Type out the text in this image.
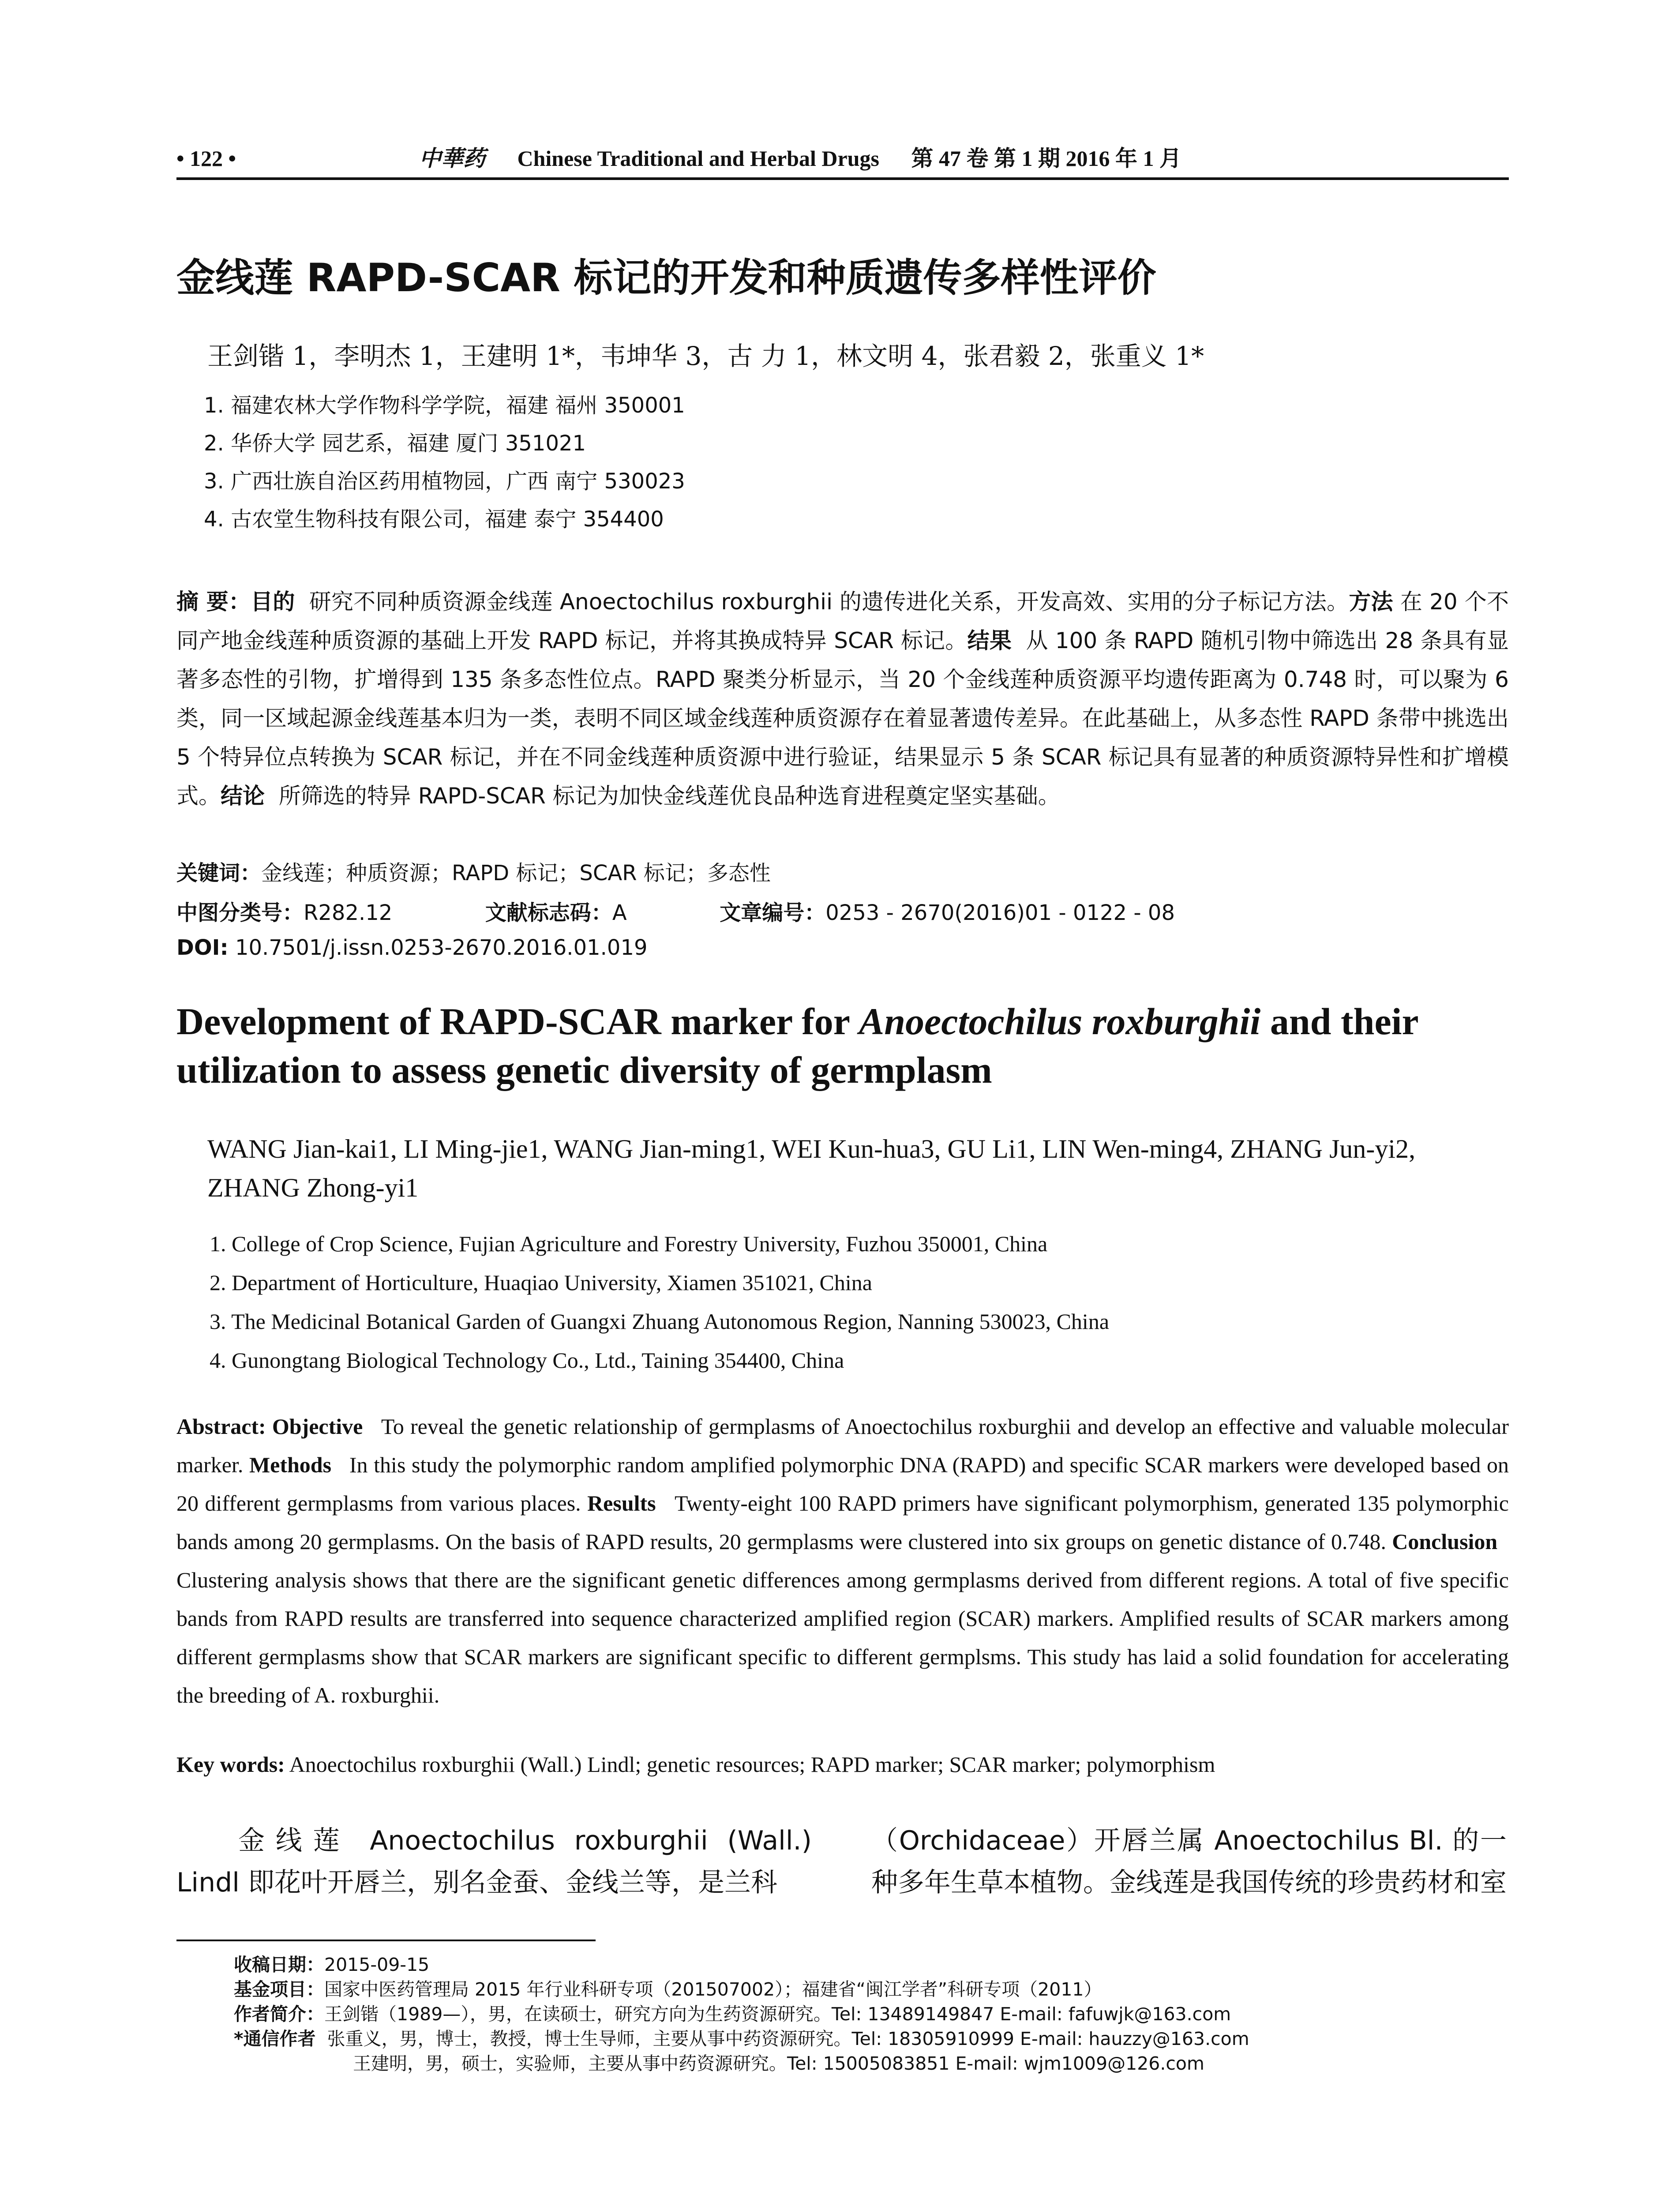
• 122 •	中華药 Chinese Traditional and Herbal Drugs 第 47 卷 第 1 期 2016 年 1 月
金线莲 RAPD-SCAR 标记的开发和种质遗传多样性评价
王剑锴 1，李明杰 1，王建明 1*，韦坤华 3，古 力 1，林文明 4，张君毅 2，张重义 1*
1. 福建农林大学作物科学学院，福建 福州 350001
2. 华侨大学 园艺系，福建 厦门 351021
3. 广西壮族自治区药用植物园，广西 南宁 530023
4. 古农堂生物科技有限公司，福建 泰宁 354400
摘 要：目的 研究不同种质资源金线莲 Anoectochilus roxburghii 的遗传进化关系，开发高效、实用的分子标记方法。方法 在 20 个不同产地金线莲种质资源的基础上开发 RAPD 标记，并将其换成特异 SCAR 标记。结果 从 100 条 RAPD 随机引物中筛选出 28 条具有显著多态性的引物，扩增得到 135 条多态性位点。RAPD 聚类分析显示，当 20 个金线莲种质资源平均遗传距离为 0.748 时，可以聚为 6 类，同一区域起源金线莲基本归为一类，表明不同区域金线莲种质资源存在着显著遗传差异。在此基础上，从多态性 RAPD 条带中挑选出 5 个特异位点转换为 SCAR 标记，并在不同金线莲种质资源中进行验证，结果显示 5 条 SCAR 标记具有显著的种质资源特异性和扩增模式。结论 所筛选的特异 RAPD-SCAR 标记为加快金线莲优良品种选育进程奠定坚实基础。
关键词：金线莲；种质资源；RAPD 标记；SCAR 标记；多态性
中图分类号：R282.12	文献标志码：A	文章编号：0253 - 2670(2016)01 - 0122 - 08
DOI: 10.7501/j.issn.0253-2670.2016.01.019
Development of RAPD-SCAR marker for Anoectochilus roxburghii and their utilization to assess genetic diversity of germplasm
WANG Jian-kai1, LI Ming-jie1, WANG Jian-ming1, WEI Kun-hua3, GU Li1, LIN Wen-ming4, ZHANG Jun-yi2, ZHANG Zhong-yi1
1. College of Crop Science, Fujian Agriculture and Forestry University, Fuzhou 350001, China
2. Department of Horticulture, Huaqiao University, Xiamen 351021, China
3. The Medicinal Botanical Garden of Guangxi Zhuang Autonomous Region, Nanning 530023, China
4. Gunongtang Biological Technology Co., Ltd., Taining 354400, China
Abstract: Objective To reveal the genetic relationship of germplasms of Anoectochilus roxburghii and develop an effective and valuable molecular marker. Methods In this study the polymorphic random amplified polymorphic DNA (RAPD) and specific SCAR markers were developed based on 20 different germplasms from various places. Results Twenty-eight 100 RAPD primers have significant polymorphism, generated 135 polymorphic bands among 20 germplasms. On the basis of RAPD results, 20 germplasms were clustered into six groups on genetic distance of 0.748. Conclusion   Clustering analysis shows that there are the significant genetic differences among germplasms derived from different regions. A total of five specific bands from RAPD results are transferred into sequence characterized amplified region (SCAR) markers. Amplified results of SCAR markers among different germplasms show that SCAR markers are significant specific to different germplsms. This study has laid a solid foundation for accelerating the breeding of A. roxburghii.
Key words: Anoectochilus roxburghii (Wall.) Lindl; genetic resources; RAPD marker; SCAR marker; polymorphism
金线莲 Anoectochilus roxburghii (Wall.) Lindl 即花叶开唇兰，别名金蚕、金线兰等，是兰科
（Orchidaceae）开唇兰属 Anoectochilus Bl. 的一种多年生草本植物。金线莲是我国传统的珍贵药材和室
收稿日期：2015-09-15
基金项目：国家中医药管理局 2015 年行业科研专项（201507002）；福建省“闽江学者”科研专项（2011）
作者简介：王剑锴（1989—），男，在读硕士，研究方向为生药资源研究。Tel: 13489149847 E-mail: fafuwjk@163.com
*通信作者 张重义，男，博士，教授，博士生导师，主要从事中药资源研究。Tel: 18305910999 E-mail: hauzzy@163.com
王建明，男，硕士，实验师，主要从事中药资源研究。Tel: 15005083851 E-mail: wjm1009@126.com
